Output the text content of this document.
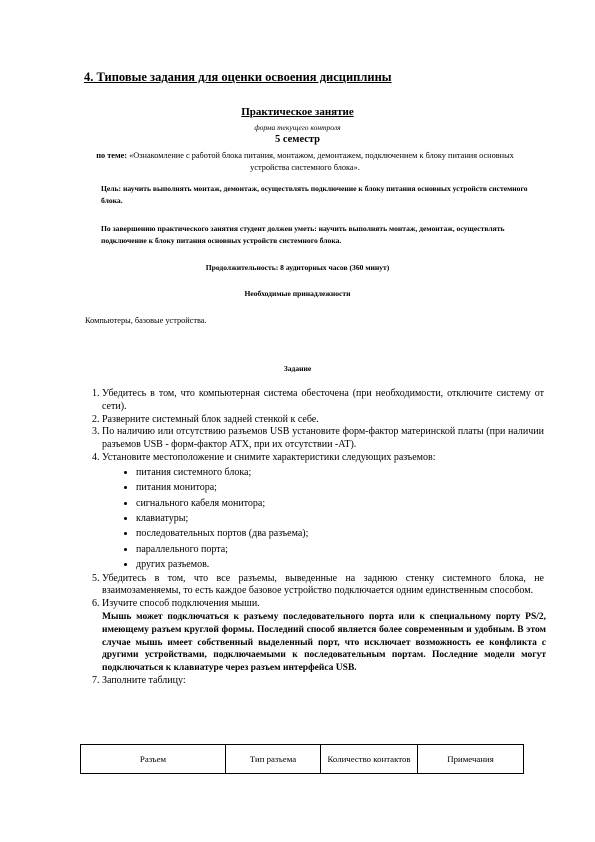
4. Типовые задания для оценки освоения дисциплины
Практическое занятие
форма текущего контроля
5 семестр
по теме: «Ознакомление с работой блока питания, монтажом, демонтажем, подключением к блоку питания основных устройства системного блока».
Цель: научить выполнять монтаж, демонтаж, осуществлять подключение к блоку питания основных устройств системного блока.
По завершению практического занятия студент должен уметь: научить выполнять монтаж, демонтаж, осуществлять подключение к блоку питания основных устройств системного блока.
Продолжительность: 8 аудиторных часов (360 минут)
Необходимые принадлежности
Компьютеры, базовые устройства.
Задание
1. Убедитесь в том, что компьютерная система обесточена (при необходимости, отключите систему от сети).
2. Разверните системный блок задней стенкой к себе.
3. По наличию или отсутствию разъемов USB установите форм-фактор материнской платы (при наличии разъемов USB - форм-фактор ATX, при их отсутствии -AT).
4. Установите местоположение и снимите характеристики следующих разъемов:
• питания системного блока;
• питания монитора;
• сигнального кабеля монитора;
• клавиатуры;
• последовательных портов (два разъема);
• параллельного порта;
• других разъемов.
5. Убедитесь в том, что все разъемы, выведенные на заднюю стенку системного блока, не взаимозаменяемы, то есть каждое базовое устройство подключается одним единственным способом.
6. Изучите способ подключения мыши.
Мышь может подключаться к разъему последовательного порта или к специальному порту PS/2, имеющему разъем круглой формы. Последний способ является более современным и удобным. В этом случае мышь имеет собственный выделенный порт, что исключает возможность ее конфликта с другими устройствами, подключаемыми к последовательным портам. Последние модели могут подключаться к клавиатуре через разъем интерфейса USB.
7. Заполните таблицу:
Разъем	Тип разъема	Количество контактов	Примечания
